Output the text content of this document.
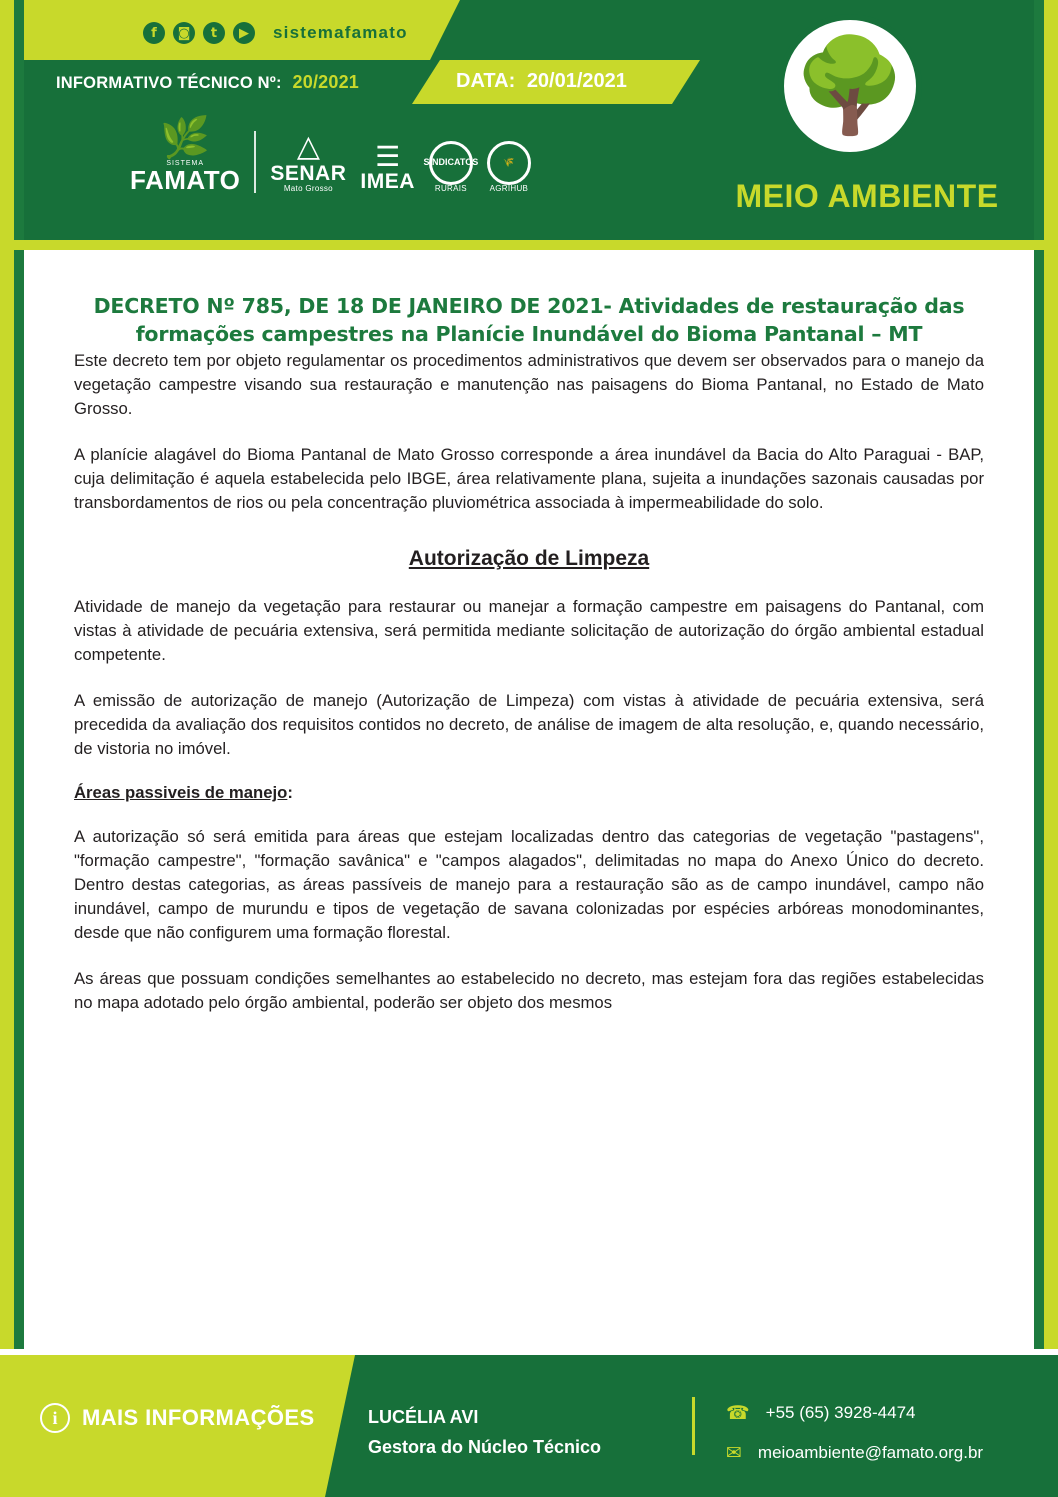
f	◙	t	▶	sistemafamato
INFORMATIVO TÉCNICO Nº: 20/2021	DATA: 20/01/2021
🌿
SISTEMA
FAMATO
△
SENAR
Mato Grosso
☰
IMEA
SINDICATOS
RURAIS
🌾
AGRIHUB
🌳
MEIO AMBIENTE
DECRETO Nº 785, DE 18 DE JANEIRO DE 2021- Atividades de restauração das formações campestres na Planície Inundável do Bioma Pantanal – MT

Este decreto tem por objeto regulamentar os procedimentos administrativos que devem ser observados para o manejo da vegetação campestre visando sua restauração e manutenção nas paisagens do Bioma Pantanal, no Estado de Mato Grosso.

A planície alagável do Bioma Pantanal de Mato Grosso corresponde a área inundável da Bacia do Alto Paraguai - BAP, cuja delimitação é aquela estabelecida pelo IBGE, área relativamente plana, sujeita a inundações sazonais causadas por transbordamentos de rios ou pela concentração pluviométrica associada à impermeabilidade do solo.

Autorização de Limpeza

Atividade de manejo da vegetação para restaurar ou manejar a formação campestre em paisagens do Pantanal, com vistas à atividade de pecuária extensiva, será permitida mediante solicitação de autorização do órgão ambiental estadual competente.

A emissão de autorização de manejo (Autorização de Limpeza) com vistas à atividade de pecuária extensiva, será precedida da avaliação dos requisitos contidos no decreto, de análise de imagem de alta resolução, e, quando necessário, de vistoria no imóvel.

Áreas passiveis de manejo:

A autorização só será emitida para áreas que estejam localizadas dentro das categorias de vegetação "pastagens", "formação campestre", "formação savânica" e "campos alagados", delimitadas no mapa do Anexo Único do decreto. Dentro destas categorias, as áreas passíveis de manejo para a restauração são as de campo inundável, campo não inundável, campo de murundu e tipos de vegetação de savana colonizadas por espécies arbóreas monodominantes, desde que não configurem uma formação florestal.

As áreas que possuam condições semelhantes ao estabelecido no decreto, mas estejam fora das regiões estabelecidas no mapa adotado pelo órgão ambiental, poderão ser objeto dos mesmos

i	MAIS INFORMAÇÕES	LUCÉLIA AVI
Gestora do Núcleo Técnico
☎ +55 (65) 3928-4474
✉ meioambiente@famato.org.br
